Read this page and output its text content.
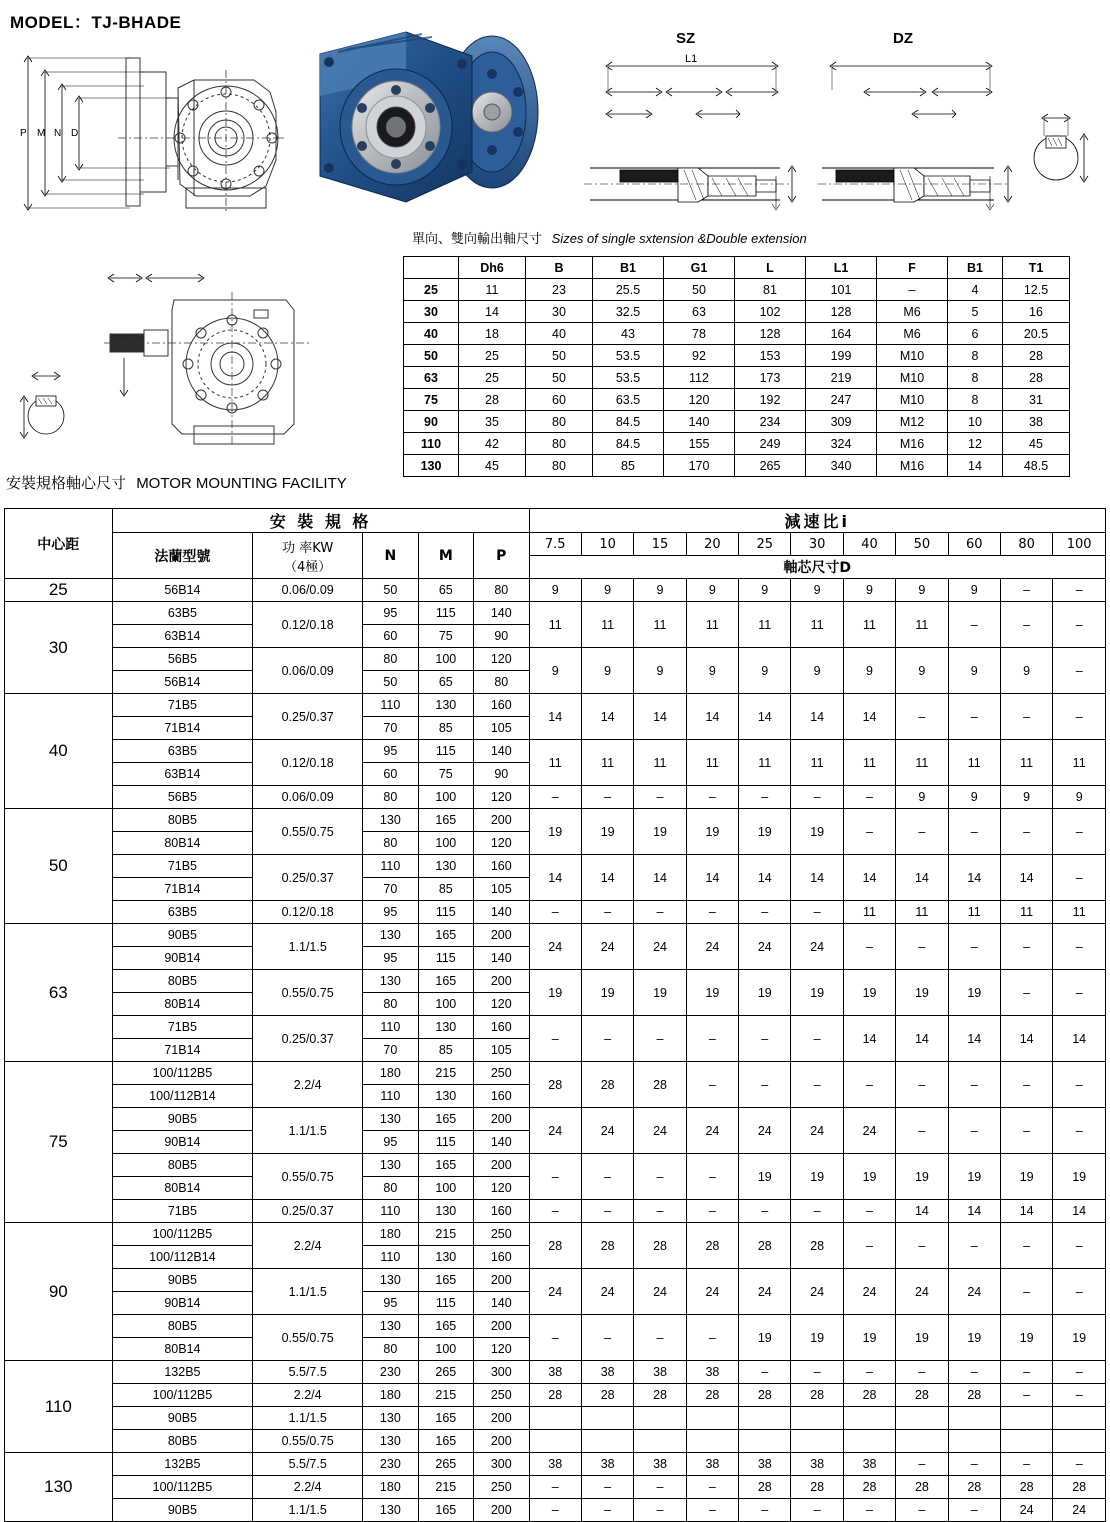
MODEL：TJ-BHADE
P M N D
SZ
L1
B1	G1	B1
B	B
f d
DZ
L1
G1	B1
B
f d
b1
t1
B	G2
f
b1
t1
單向、雙向輸出軸尺寸 Sizes of single sxtension &Double extension
	Dh6	B	B1	G1	L	L1	F	B1	T1
25	11	23	25.5	50	81	101	–	4	12.5
30	14	30	32.5	63	102	128	M6	5	16
40	18	40	43	78	128	164	M6	6	20.5
50	25	50	53.5	92	153	199	M10	8	28
63	25	50	53.5	112	173	219	M10	8	28
75	28	60	63.5	120	192	247	M10	8	31
90	35	80	84.5	140	234	309	M12	10	38
110	42	80	84.5	155	249	324	M16	12	45
130	45	80	85	170	265	340	M16	14	48.5
安裝規格軸心尺寸 MOTOR MOUNTING FACILITY
中心距	安 裝 規 格					減速比i										
	法蘭型號	功 率KW
（4極）	N	M	P	7.5	10	15	20	25	30	40	50	60	80	100
						軸芯尺寸D										
25	56B14	0.06/0.09	50	65	80	9	9	9	9	9	9	9	9	9	–	–
30	63B5	0.12/0.18	95	115	140	11	11	11	11	11	11	11	11	–	–	–
	63B14		60	75	90											
	56B5	0.06/0.09	80	100	120	9	9	9	9	9	9	9	9	9	9	–
	56B14		50	65	80											
40	71B5	0.25/0.37	110	130	160	14	14	14	14	14	14	14	–	–	–	–
	71B14		70	85	105											
	63B5	0.12/0.18	95	115	140	11	11	11	11	11	11	11	11	11	11	11
	63B14		60	75	90											
	56B5	0.06/0.09	80	100	120	–	–	–	–	–	–	–	9	9	9	9
50	80B5	0.55/0.75	130	165	200	19	19	19	19	19	19	–	–	–	–	–
	80B14		80	100	120											
	71B5	0.25/0.37	110	130	160	14	14	14	14	14	14	14	14	14	14	–
	71B14		70	85	105											
	63B5	0.12/0.18	95	115	140	–	–	–	–	–	–	11	11	11	11	11
63	90B5	1.1/1.5	130	165	200	24	24	24	24	24	24	–	–	–	–	–
	90B14		95	115	140											
	80B5	0.55/0.75	130	165	200	19	19	19	19	19	19	19	19	19	–	–
	80B14		80	100	120											
	71B5	0.25/0.37	110	130	160	–	–	–	–	–	–	14	14	14	14	14
	71B14		70	85	105											
75	100/112B5	2.2/4	180	215	250	28	28	28	–	–	–	–	–	–	–	–
	100/112B14		110	130	160											
	90B5	1.1/1.5	130	165	200	24	24	24	24	24	24	24	–	–	–	–
	90B14		95	115	140											
	80B5	0.55/0.75	130	165	200	–	–	–	–	19	19	19	19	19	19	19
	80B14		80	100	120											
	71B5	0.25/0.37	110	130	160	–	–	–	–	–	–	–	14	14	14	14
90	100/112B5	2.2/4	180	215	250	28	28	28	28	28	28	–	–	–	–	–
	100/112B14		110	130	160											
	90B5	1.1/1.5	130	165	200	24	24	24	24	24	24	24	24	24	–	–
	90B14		95	115	140											
	80B5	0.55/0.75	130	165	200	–	–	–	–	19	19	19	19	19	19	19
	80B14		80	100	120											
110	132B5	5.5/7.5	230	265	300	38	38	38	38	–	–	–	–	–	–	–
	100/112B5	2.2/4	180	215	250	28	28	28	28	28	28	28	28	28	–	–
	90B5	1.1/1.5	130	165	200											
	80B5	0.55/0.75	130	165	200											
130	132B5	5.5/7.5	230	265	300	38	38	38	38	38	38	38	–	–	–	–
	100/112B5	2.2/4	180	215	250	–	–	–	–	28	28	28	28	28	28	28
	90B5	1.1/1.5	130	165	200	–	–	–	–	–	–	–	–	–	24	24
